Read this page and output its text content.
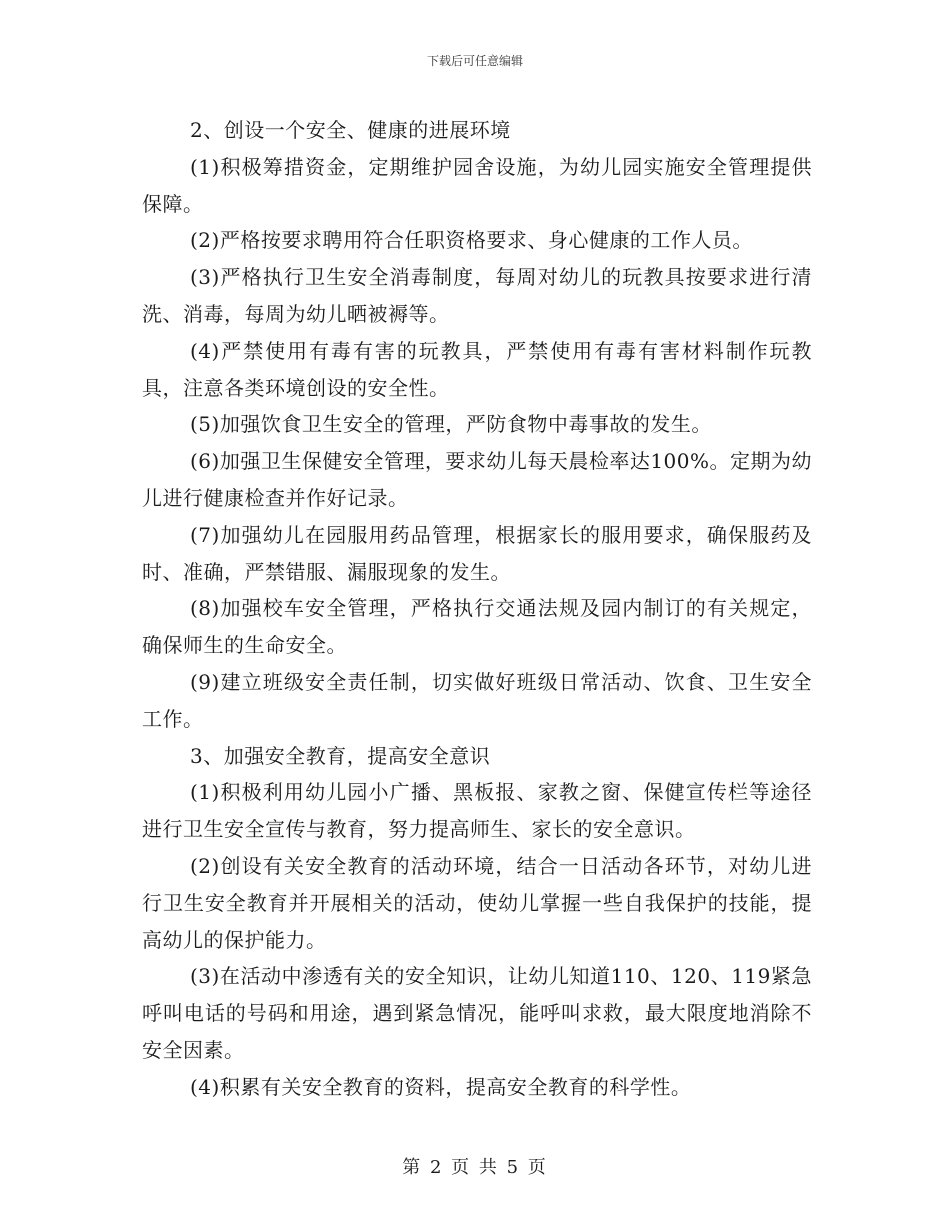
下载后可任意编辑

2、创设一个安全、健康的进展环境

(1)积极筹措资金，定期维护园舍设施，为幼儿园实施安全管理提供保障。

(2)严格按要求聘用符合任职资格要求、身心健康的工作人员。

(3)严格执行卫生安全消毒制度，每周对幼儿的玩教具按要求进行清洗、消毒，每周为幼儿晒被褥等。

(4)严禁使用有毒有害的玩教具，严禁使用有毒有害材料制作玩教具，注意各类环境创设的安全性。

(5)加强饮食卫生安全的管理，严防食物中毒事故的发生。

(6)加强卫生保健安全管理，要求幼儿每天晨检率达100%。定期为幼儿进行健康检查并作好记录。

(7)加强幼儿在园服用药品管理，根据家长的服用要求，确保服药及时、准确，严禁错服、漏服现象的发生。

(8)加强校车安全管理，严格执行交通法规及园内制订的有关规定，确保师生的生命安全。

(9)建立班级安全责任制，切实做好班级日常活动、饮食、卫生安全工作。

3、加强安全教育，提高安全意识

(1)积极利用幼儿园小广播、黑板报、家教之窗、保健宣传栏等途径进行卫生安全宣传与教育，努力提高师生、家长的安全意识。

(2)创设有关安全教育的活动环境，结合一日活动各环节，对幼儿进行卫生安全教育并开展相关的活动，使幼儿掌握一些自我保护的技能，提高幼儿的保护能力。

(3)在活动中渗透有关的安全知识，让幼儿知道110、120、119紧急呼叫电话的号码和用途，遇到紧急情况，能呼叫求救，最大限度地消除不安全因素。

(4)积累有关安全教育的资料，提高安全教育的科学性。

第 2 页 共 5 页
